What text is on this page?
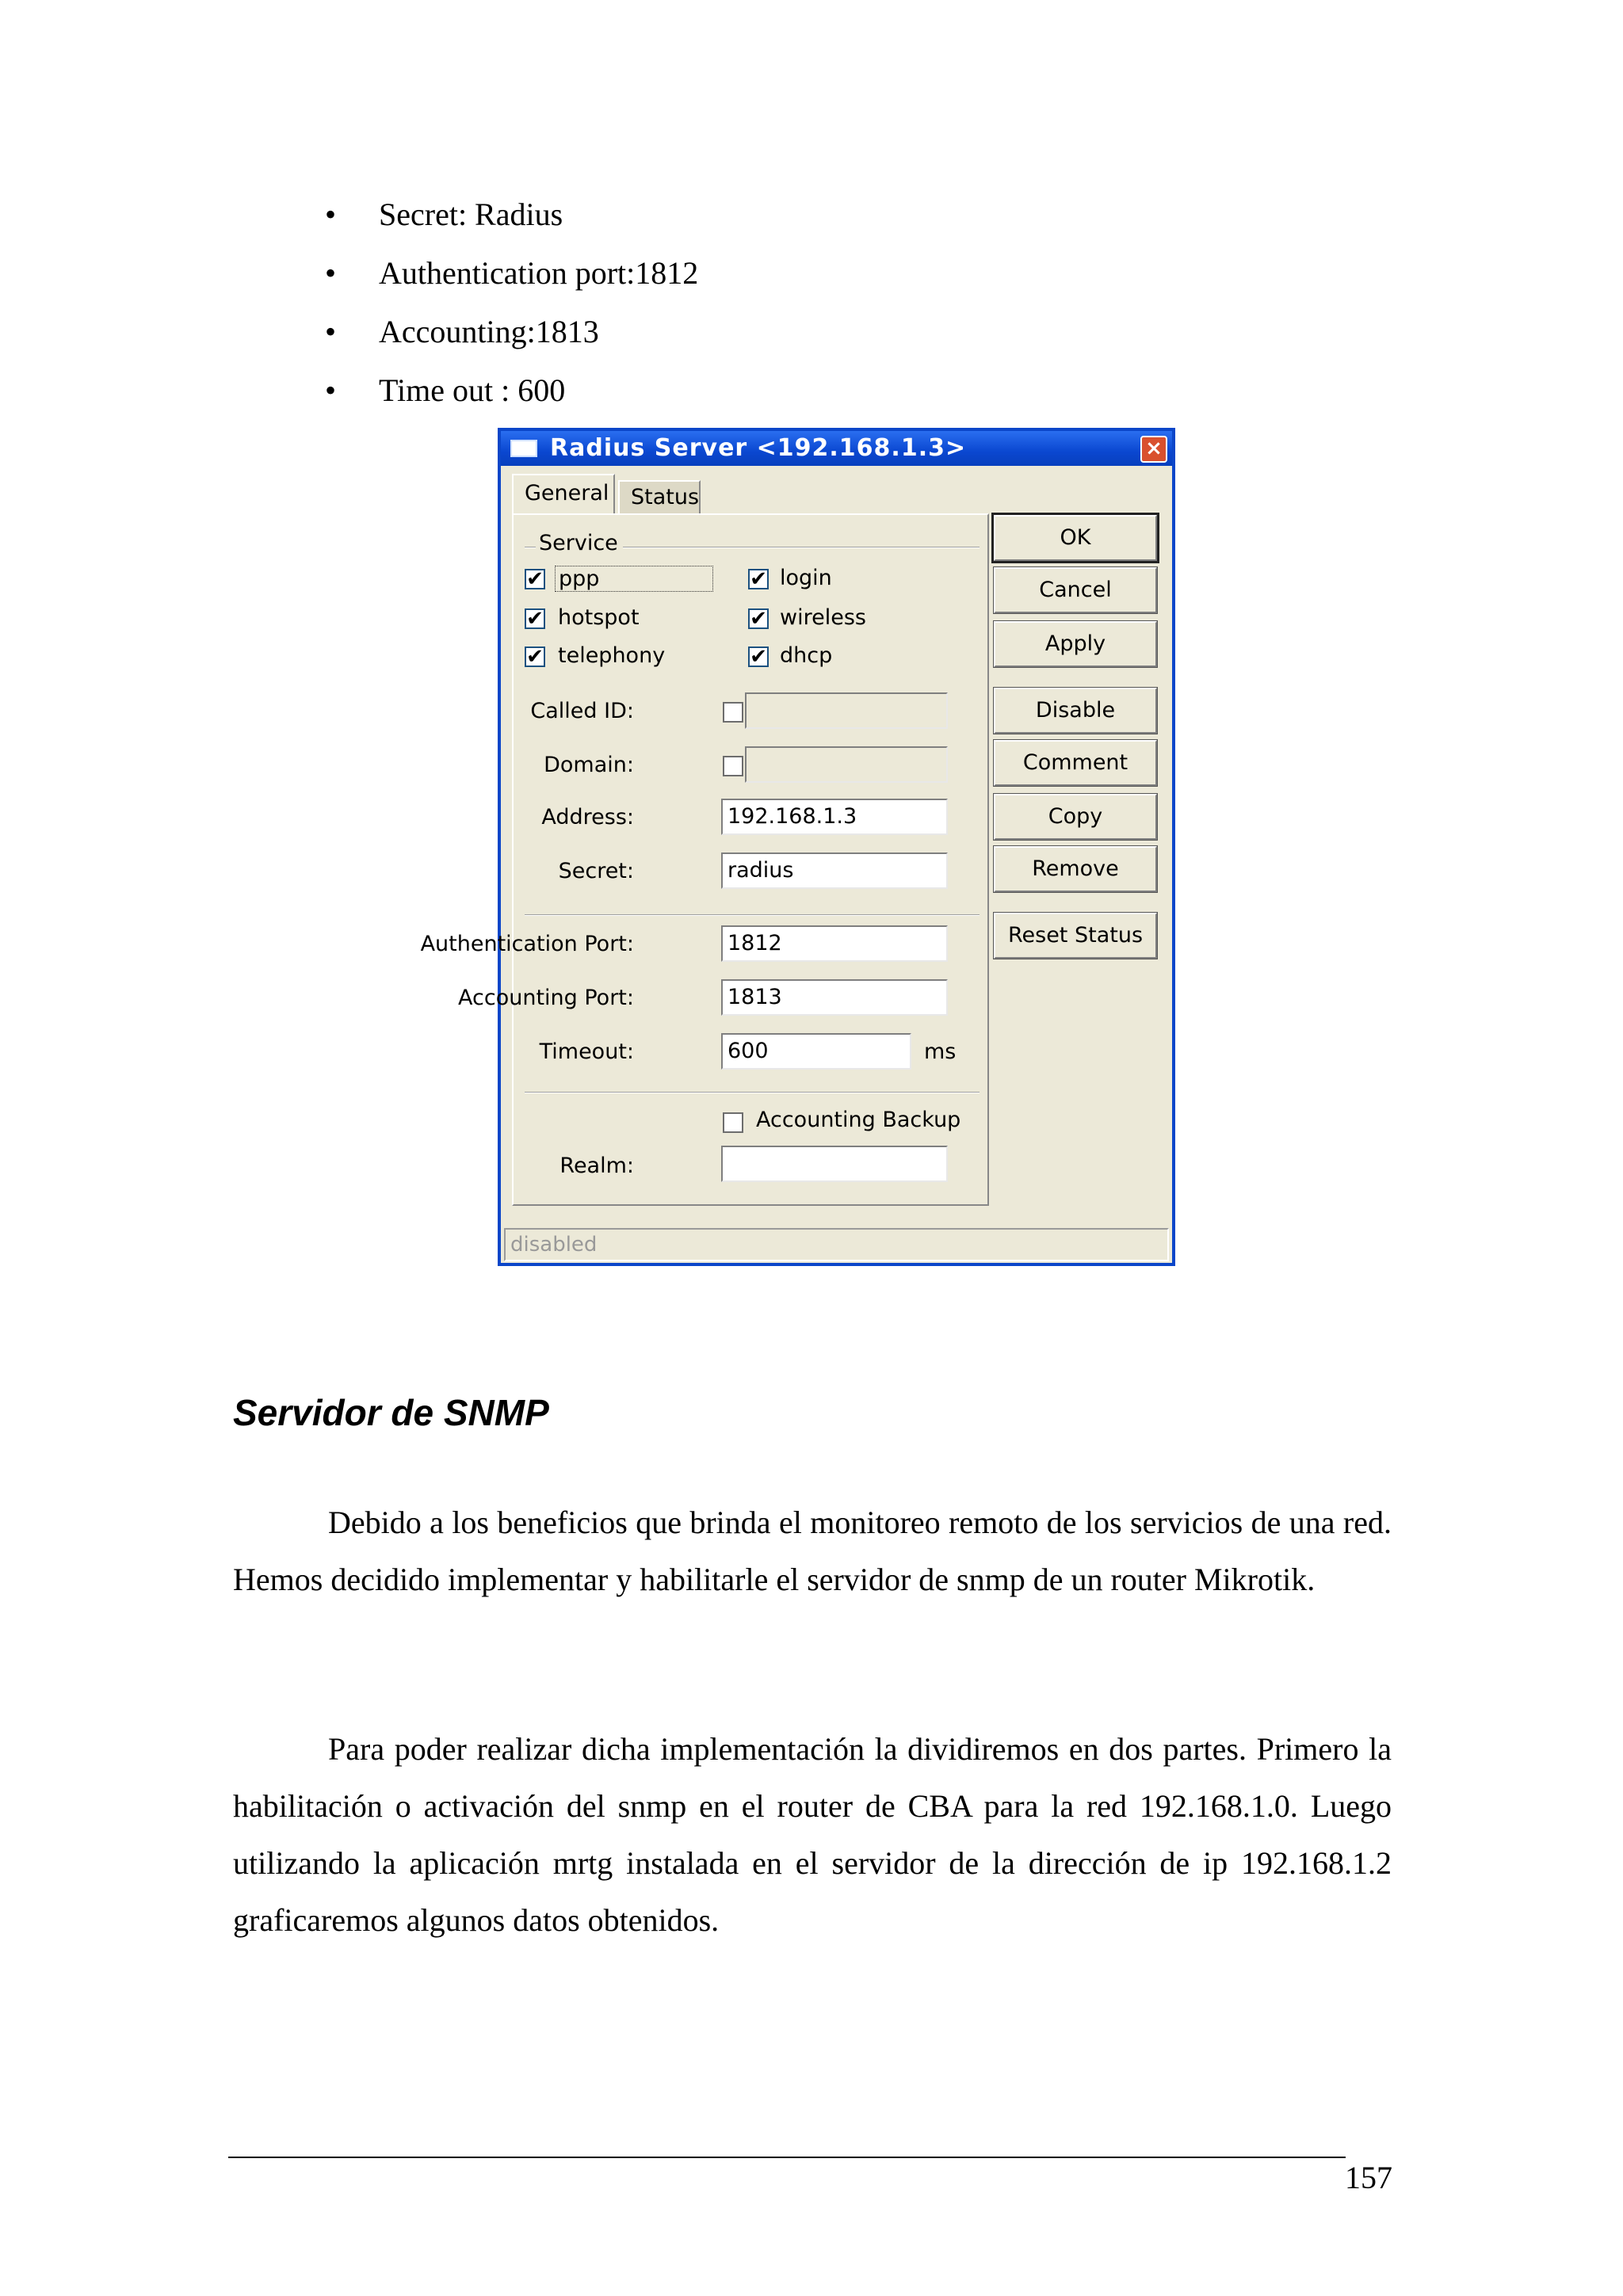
• Secret: Radius
• Authentication port:1812
• Accounting:1813
• Time out : 600
Radius Server <192.168.1.3>	×
General	Status
Service
✔ ppp	✔ login
✔ hotspot	✔ wireless
✔ telephony	✔ dhcp
Called ID:
Domain:
Address:	192.168.1.3
Secret:	radius
Authentication Port:	1812
Accounting Port:	1813
Timeout:	600	ms
Accounting Backup
Realm:
OK
Cancel
Apply
Disable
Comment
Copy
Remove
Reset Status
disabled
Servidor de SNMP

Debido a los beneficios que brinda el monitoreo remoto de los servicios de una red. Hemos decidido implementar y habilitarle el servidor de snmp de un router Mikrotik.

Para poder realizar dicha implementación la dividiremos en dos partes. Primero la habilitación o activación del snmp en el router de CBA para la red 192.168.1.0. Luego utilizando la aplicación mrtg instalada en el servidor de la dirección de ip 192.168.1.2 graficaremos algunos datos obtenidos.

157
